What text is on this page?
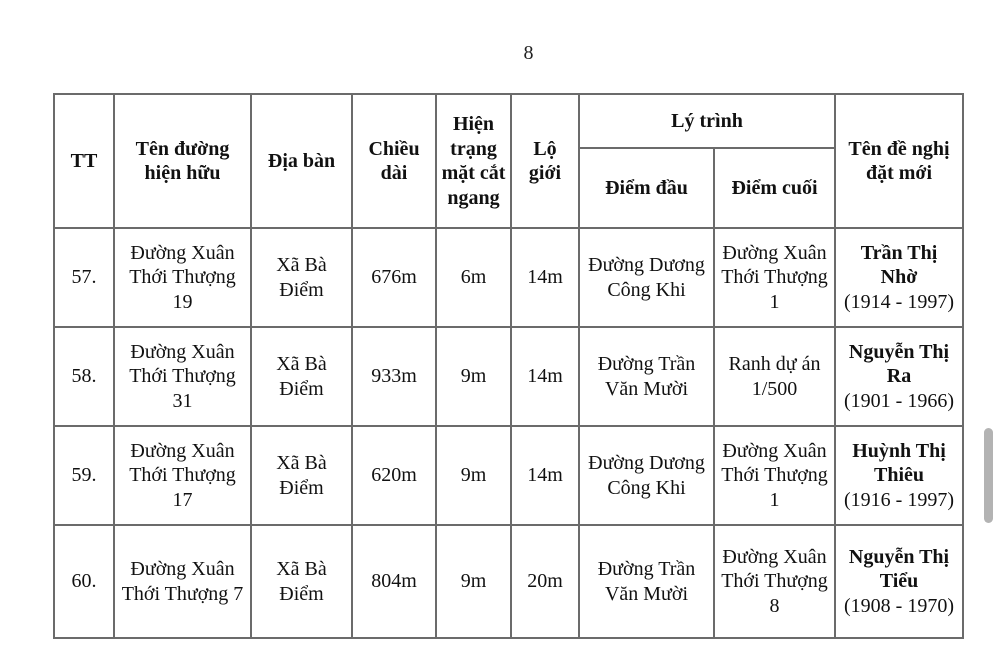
8
TT	Tên đường hiện hữu	Địa bàn	Chiều dài	Hiện trạng mặt cắt ngang	Lộ giới	Lý trình		Tên đề nghị đặt mới
						Điểm đầu	Điểm cuối	
57.	Đường Xuân Thới Thượng 19	Xã Bà Điểm	676m	6m	14m	Đường Dương Công Khi	Đường Xuân Thới Thượng 1	Trần Thị Nhờ
(1914 - 1997)

58.	Đường Xuân Thới Thượng 31	Xã Bà Điểm	933m	9m	14m	Đường Trần Văn Mười	Ranh dự án 1/500	Nguyễn Thị Ra
(1901 - 1966)

59.	Đường Xuân Thới Thượng 17	Xã Bà Điểm	620m	9m	14m	Đường Dương Công Khi	Đường Xuân Thới Thượng 1	Huỳnh Thị Thiêu
(1916 - 1997)

60.	Đường Xuân Thới Thượng 7	Xã Bà Điểm	804m	9m	20m	Đường Trần Văn Mười	Đường Xuân Thới Thượng 8	Nguyễn Thị Tiểu
(1908 - 1970)
